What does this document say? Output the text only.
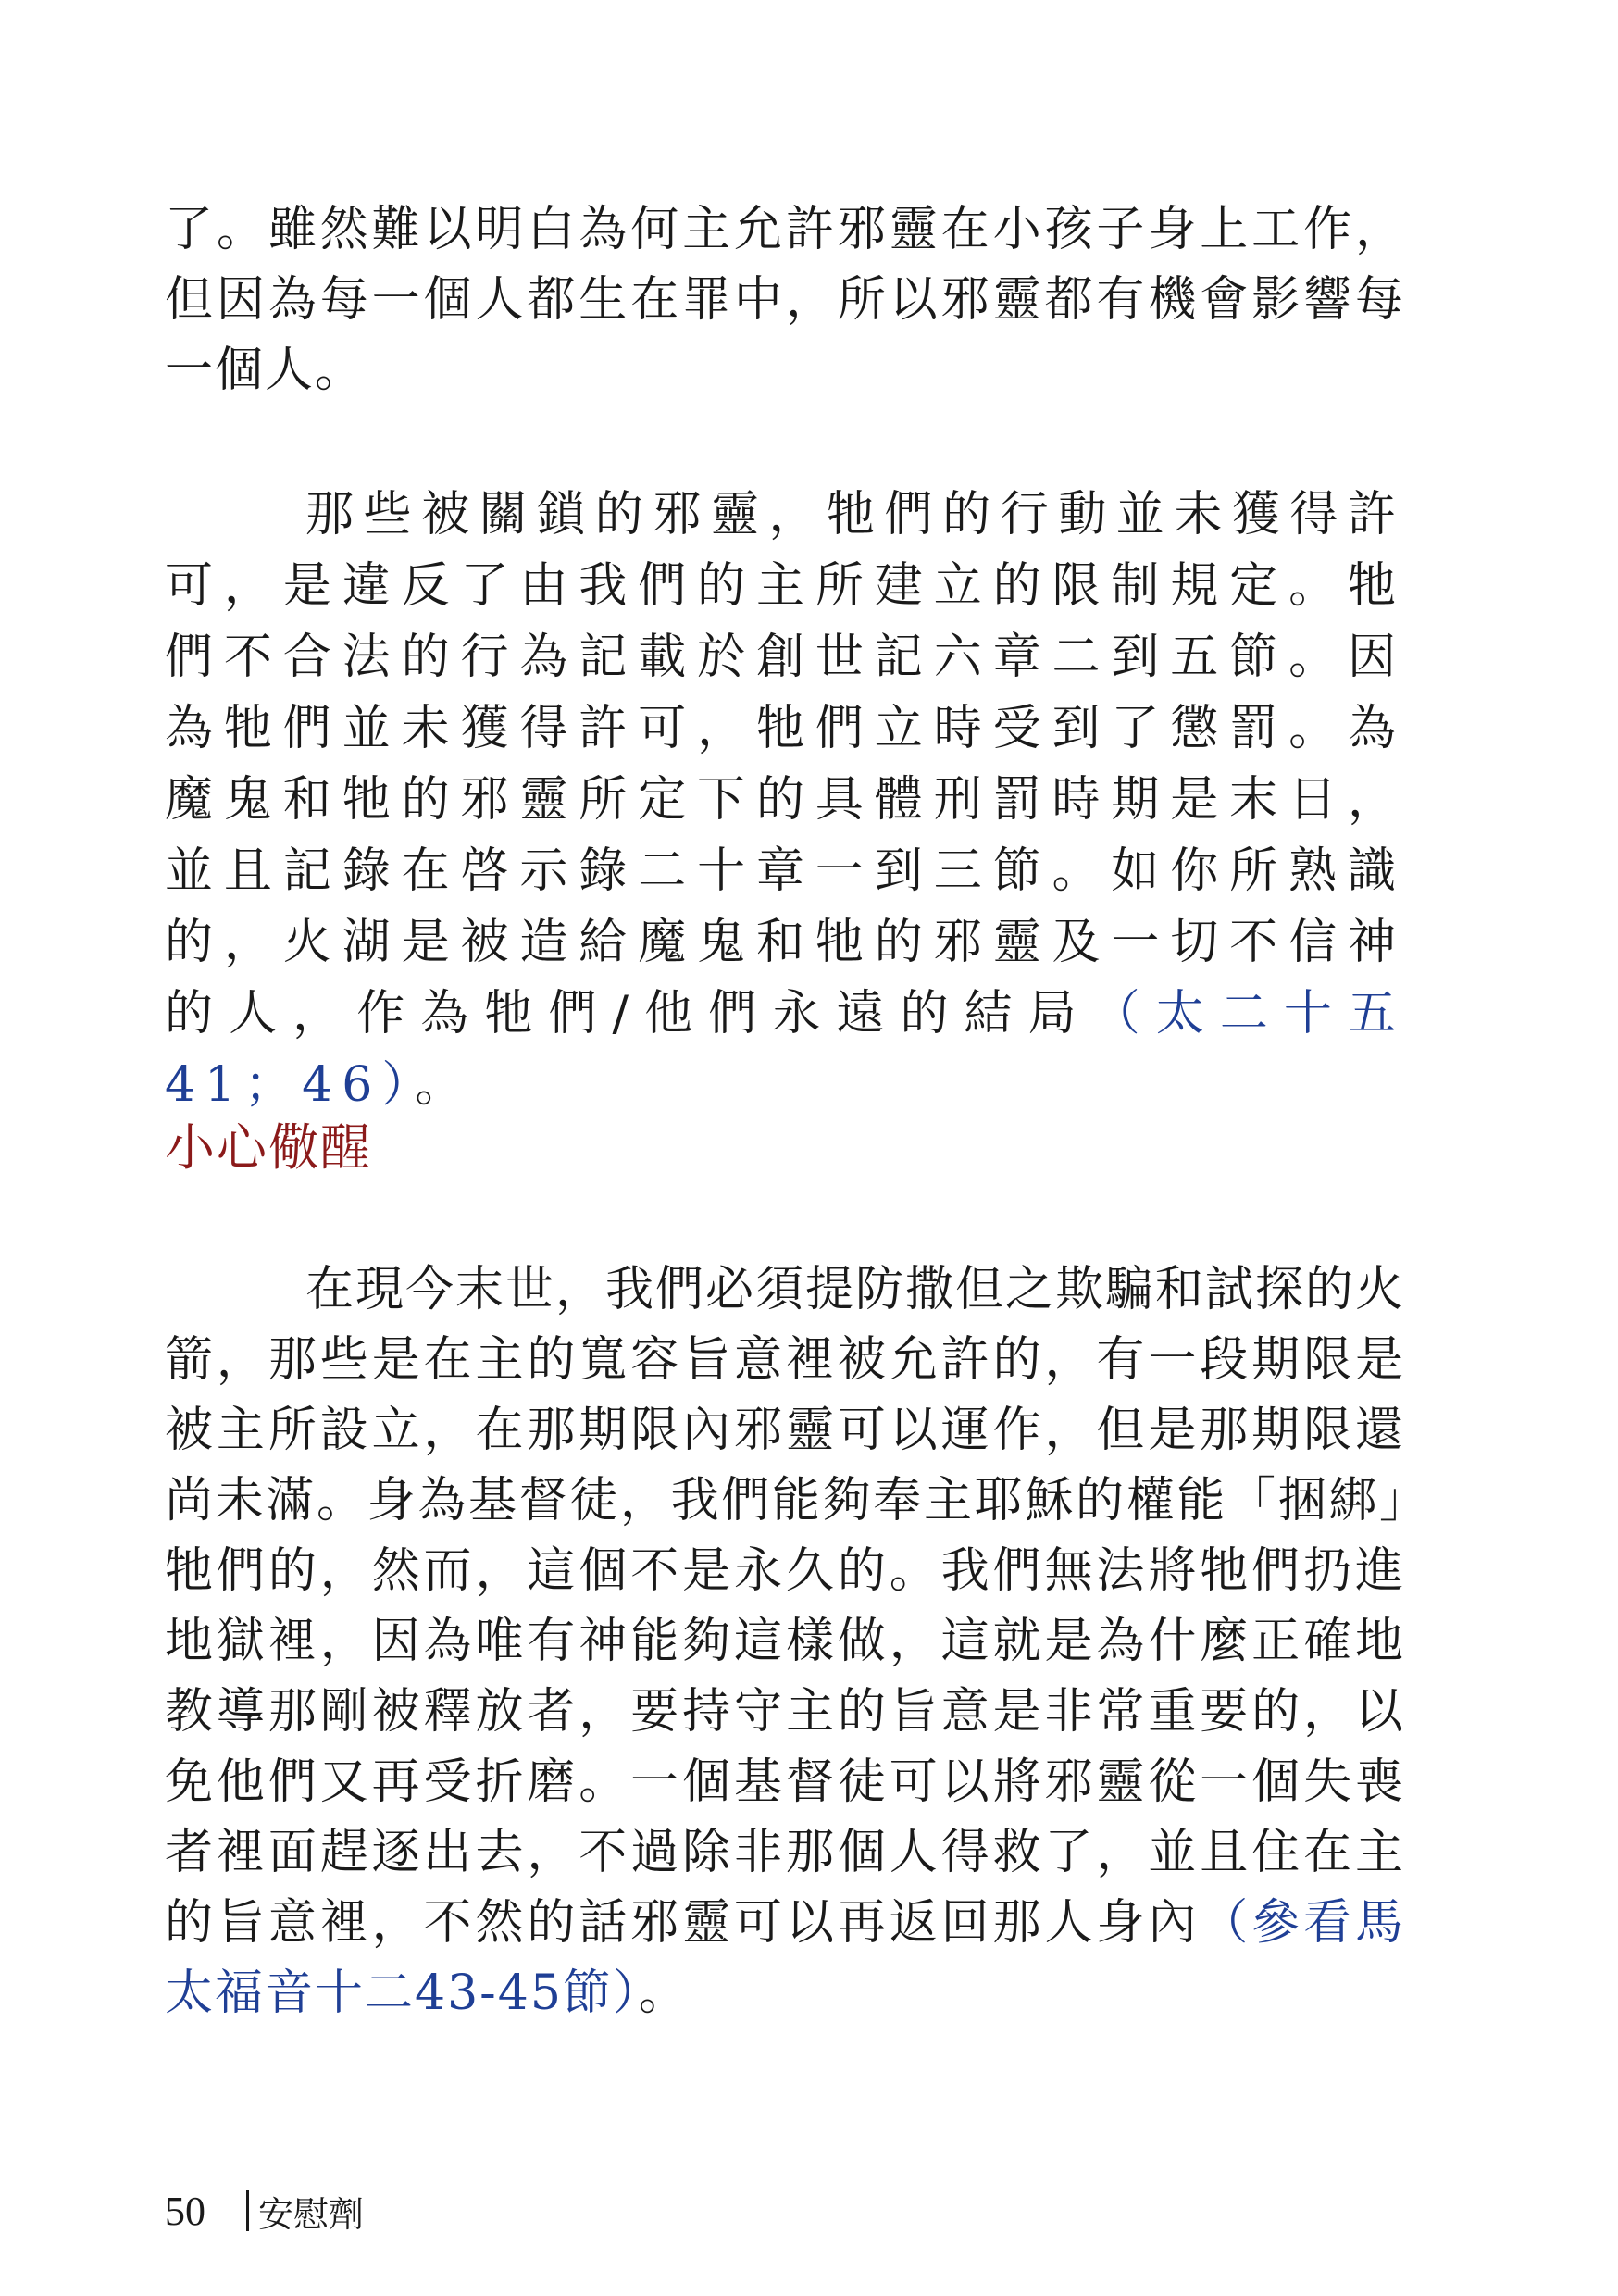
了。雖然難以明白為何主允許邪靈在小孩子身上工作，但因為每一個人都生在罪中，所以邪靈都有機會影響每一個人。

那些被關鎖的邪靈，牠們的行動並未獲得許可，是違反了由我們的主所建立的限制規定。牠們不合法的行為記載於創世記六章二到五節。因為牠們並未獲得許可，牠們立時受到了懲罰。為魔鬼和牠的邪靈所定下的具體刑罰時期是末日，並且記錄在啓示錄二十章一到三節。如你所熟識的，火湖是被造給魔鬼和牠的邪靈及一切不信神的人，作為牠們/他們永遠的結局（太二十五41；46）。

小心儆醒

在現今末世，我們必須提防撒但之欺騙和試探的火箭，那些是在主的寬容旨意裡被允許的，有一段期限是被主所設立，在那期限內邪靈可以運作，但是那期限還尚未滿。身為基督徒，我們能夠奉主耶穌的權能「捆綁」牠們的，然而，這個不是永久的。我們無法將牠們扔進地獄裡，因為唯有神能夠這樣做，這就是為什麼正確地教導那剛被釋放者，要持守主的旨意是非常重要的，以免他們又再受折磨。一個基督徒可以將邪靈從一個失喪者裡面趕逐出去，不過除非那個人得救了，並且住在主的旨意裡，不然的話邪靈可以再返回那人身內（參看馬太福音十二43-45節）。

50 安慰劑
